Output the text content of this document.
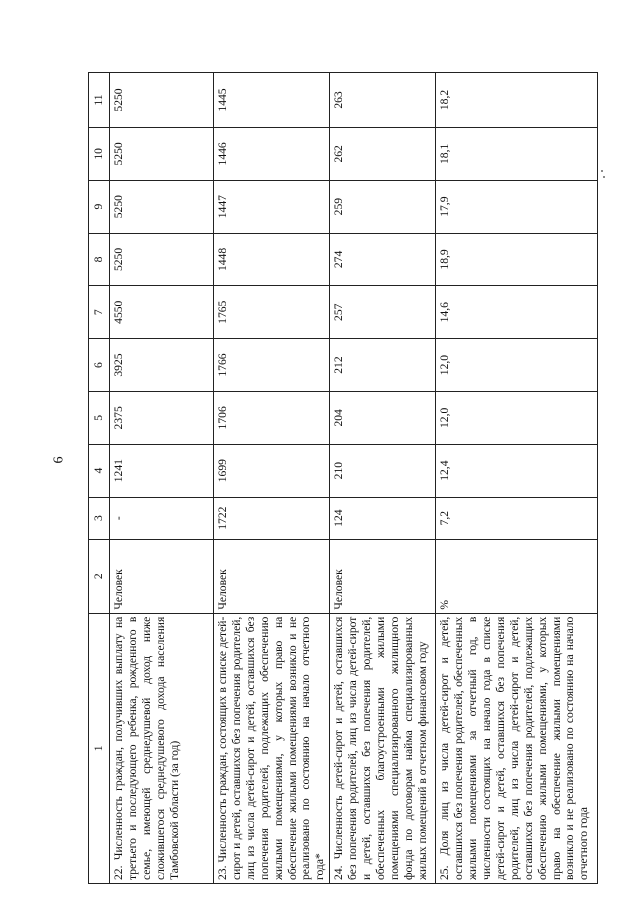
6
1	2	3	4	5	6	7	8	9	10	11
22. Численность граждан, получивших выплату на третьего и последующего ребенка, рожденного в семье, имеющей среднедушевой доход ниже сложившегося среднедушевого дохода населения Тамбовской области (за год)	Человек	-	1241	2375	3925	4550	5250	5250	5250	5250
23. Численность граждан, состоящих в списке детей-сирот и детей, оставшихся без попечения родителей, лиц из числа детей-сирот и детей, оставшихся без попечения родителей, подлежащих обеспечению жилыми помещениями, у которых право на обеспечение жилыми помещениями возникло и не реализовано по состоянию на начало отчетного года*	Человек	1722	1699	1706	1766	1765	1448	1447	1446	1445
24. Численность детей-сирот и детей, оставшихся без попечения родителей, лиц из числа детей-сирот и детей, оставшихся без попечения родителей, обеспеченных благоустроенными жилыми помещениями специализированного жилищного фонда по договорам найма специализированных жилых помещений в отчетном финансовом году	Человек	124	210	204	212	257	274	259	262	263
25. Доля лиц из числа детей-сирот и детей, оставшихся без попечения родителей, обеспеченных жилыми помещениями за отчетный год, в численности состоящих на начало года в списке детей-сирот и детей, оставшихся без попечения родителей, лиц из числа детей-сирот и детей, оставшихся без попечения родителей, подлежащих обеспечению жилыми помещениями, у которых право на обеспечение жилыми помещениями возникло и не реализовано по состоянию на начало отчетного года	%	7,2	12,4	12,0	12,0	14,6	18,9	17,9	18,1	18,2
